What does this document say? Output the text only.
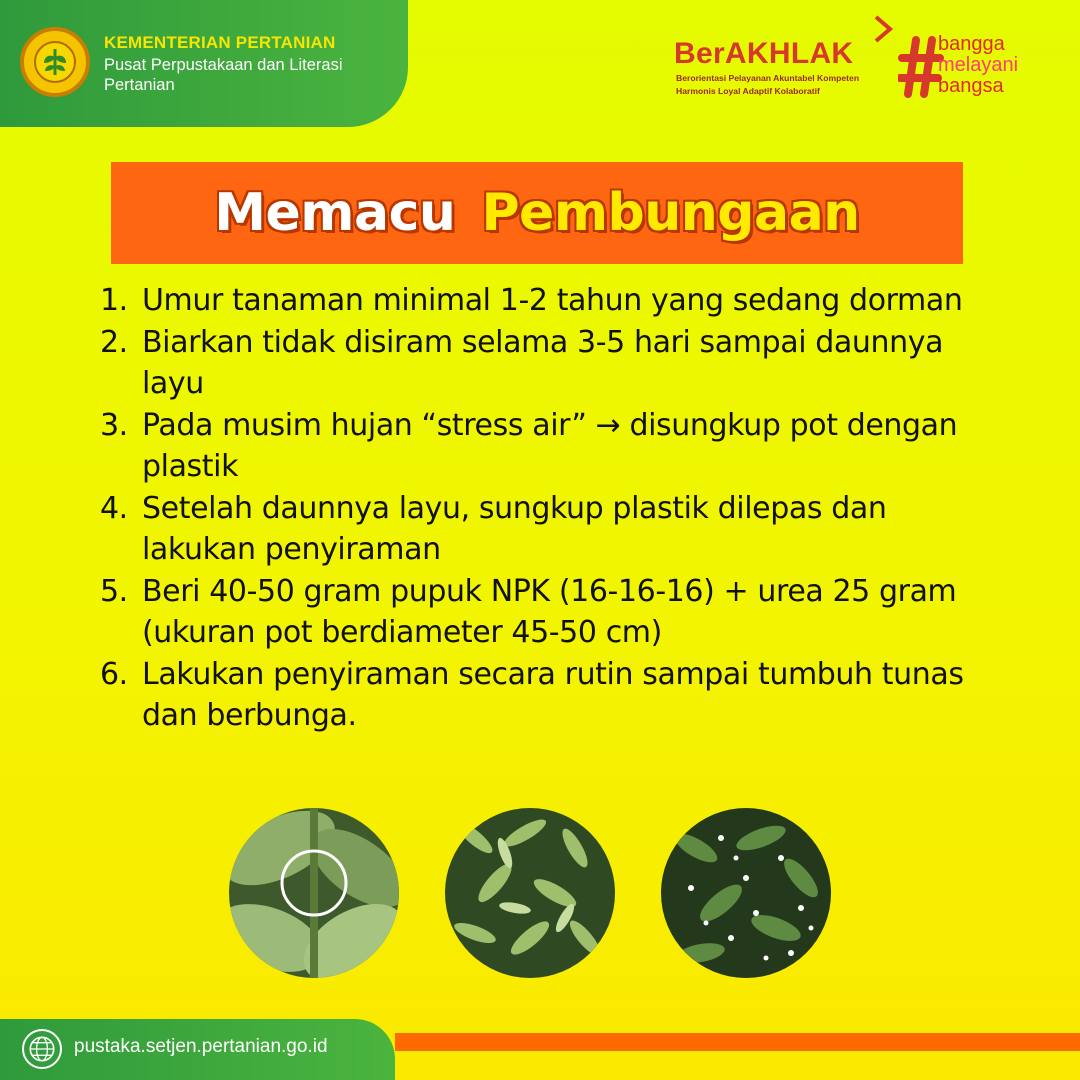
KEMENTERIAN PERTANIAN
Pusat Perpustakaan dan Literasi Pertanian
BerAKHLAK
Berorientasi Pelayanan Akuntabel Kompeten
Harmonis Loyal Adaptif Kolaboratif
bangga
melayani
bangsa
Memacu Pembungaan
1. Umur tanaman minimal 1-2 tahun yang sedang dorman
2. Biarkan tidak disiram selama 3-5 hari sampai daunnya layu
3. Pada musim hujan “stress air” → disungkup pot dengan plastik
4. Setelah daunnya layu, sungkup plastik dilepas dan lakukan penyiraman
5. Beri 40-50 gram pupuk NPK (16-16-16) + urea 25 gram (ukuran pot berdiameter 45-50 cm)
6. Lakukan penyiraman secara rutin sampai tumbuh tunas dan berbunga.
pustaka.setjen.pertanian.go.id
